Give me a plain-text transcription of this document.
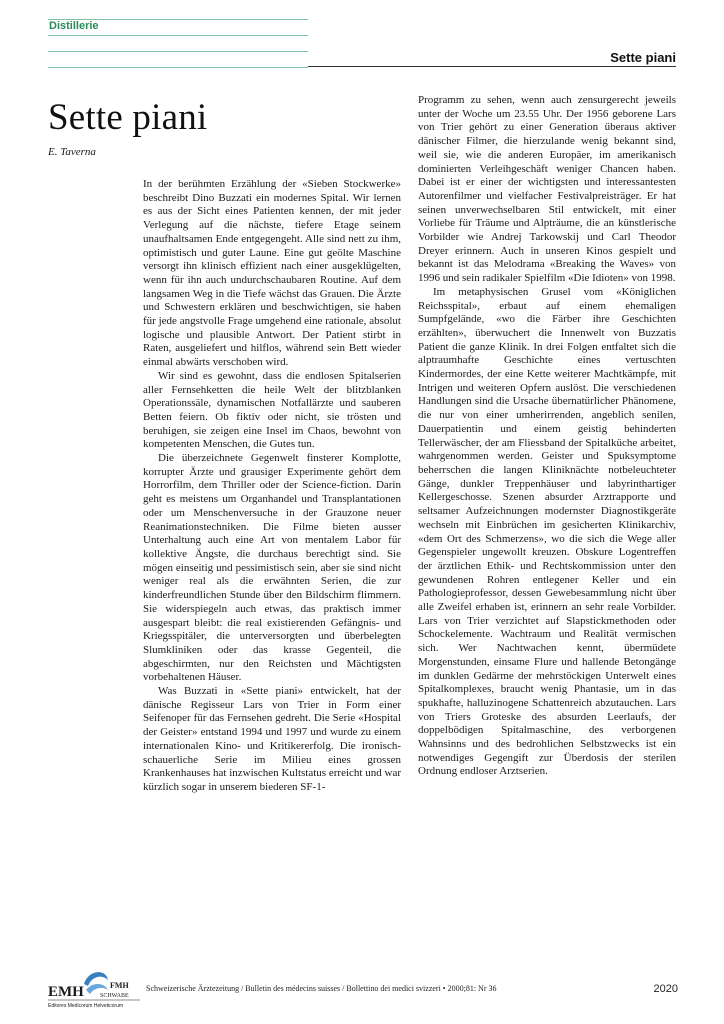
Distillerie
Sette piani
Sette piani
E. Taverna

In der berühmten Erzählung der «Sieben Stockwerke» beschreibt Dino Buzzati ein modernes Spital. Wir lernen es aus der Sicht eines Patienten kennen, der mit jeder Verlegung auf die nächste, tiefere Etage seinem unaufhaltsamen Ende entgegengeht. Alle sind nett zu ihm, optimistisch und guter Laune. Eine gut geölte Maschine versorgt ihn klinisch effizient nach einer ausgeklügelten, wenn für ihn auch undurchschaubaren Routine. Auf dem langsamen Weg in die Tiefe wächst das Grauen. Die Ärzte und Schwestern erklären und beschwichtigen, sie haben für jede angstvolle Frage umgehend eine rationale, absolut logische und plausible Antwort. Der Patient stirbt in Raten, ausgeliefert und hilflos, während sein Bett wieder einmal abwärts verschoben wird.

Wir sind es gewohnt, dass die endlosen Spitalserien aller Fernsehketten die heile Welt der blitzblanken Operationssäle, dynamischen Notfallärzte und sauberen Betten feiern. Ob fiktiv oder nicht, sie trösten und beruhigen, sie zeigen eine Insel im Chaos, bewohnt von kompetenten Menschen, die Gutes tun.

Die überzeichnete Gegenwelt finsterer Komplotte, korrupter Ärzte und grausiger Experimente gehört dem Horrorfilm, dem Thriller oder der Science-fiction. Darin geht es meistens um Organhandel und Transplantationen oder um Menschenversuche in der Grauzone neuer Reanimationstechniken. Die Filme bieten ausser Unterhaltung auch eine Art von mentalem Labor für kollektive Ängste, die durchaus berechtigt sind. Sie mögen einseitig und pessimistisch sein, aber sie sind nicht weniger real als die erwähnten Serien, die zur kinderfreundlichen Stunde über den Bildschirm flimmern. Sie widerspiegeln auch etwas, das praktisch immer ausgespart bleibt: die real existierenden Gefängnis- und Kriegsspitäler, die unterversorgten und überbelegten Slumkliniken oder das krasse Gegenteil, die abgeschirmten, nur den Reichsten und Mächtigsten vorbehaltenen Häuser.

Was Buzzati in «Sette piani» entwickelt, hat der dänische Regisseur Lars von Trier in Form einer Seifenoper für das Fernsehen gedreht. Die Serie «Hospital der Geister» entstand 1994 und 1997 und wurde zu einem internationalen Kino- und Kritikererfolg. Die ironisch-schauerliche Serie im Milieu eines grossen Krankenhauses hat inzwischen Kultstatus erreicht und war kürzlich sogar in unserem biederen SF-1-

Programm zu sehen, wenn auch zensurgerecht jeweils unter der Woche um 23.55 Uhr. Der 1956 geborene Lars von Trier gehört zu einer Generation überaus aktiver dänischer Filmer, die hierzulande wenig bekannt sind, weil sie, wie die anderen Europäer, im amerikanisch dominierten Verleihgeschäft weniger Chancen haben. Dabei ist er einer der wichtigsten und interessantesten Autorenfilmer und vielfacher Festivalpreisträger. Er hat seinen unverwechselbaren Stil entwickelt, mit einer Vorliebe für Träume und Alpträume, die an künstlerische Vorbilder wie Andrej Tarkowskij und Carl Theodor Dreyer erinnern. Auch in unseren Kinos gespielt und bekannt ist das Melodrama «Breaking the Waves» von 1996 und sein radikaler Spielfilm «Die Idioten» von 1998.

Im metaphysischen Grusel vom «Königlichen Reichsspital», erbaut auf einem ehemaligen Sumpfgelände, «wo die Färber ihre Geschichten erzählten», überwuchert die Innenwelt von Buzzatis Patient die ganze Klinik. In drei Folgen entfaltet sich die alptraumhafte Geschichte eines vertuschten Kindermordes, der eine Kette weiterer Machtkämpfe, mit Intrigen und weiteren Opfern auslöst. Die verschiedenen Handlungen sind die Ursache übernatürlicher Phänomene, die nur von einer umherirrenden, angeblich senilen, Dauerpatientin und einem geistig behinderten Tellerwäscher, der am Fliessband der Spitalküche arbeitet, wahrgenommen werden. Geister und Spuksymptome beherrschen die langen Kliniknächte notbeleuchteter Gänge, dunkler Treppenhäuser und labyrinthartiger Kellergeschosse. Szenen absurder Arztrapporte und seltsamer Aufzeichnungen modernster Diagnostikgeräte wechseln mit Einbrüchen im gesicherten Klinikarchiv, «dem Ort des Schmerzens», wo die sich die Wege aller Gegenspieler ungewollt kreuzen. Obskure Logentreffen der ärztlichen Ethik- und Rechtskommission unter den gewundenen Rohren entlegener Keller und ein Pathologieprofessor, dessen Gewebesammlung nicht über alle Zweifel erhaben ist, erinnern an sehr reale Vorbilder. Lars von Trier verzichtet auf Slapstickmethoden oder Schockelemente. Wachtraum und Realität vermischen sich. Wer Nachtwachen kennt, übermüdete Morgenstunden, einsame Flure und hallende Betongänge im dunklen Gedärme der mehrstöckigen Unterwelt eines Spitalkomplexes, braucht wenig Phantasie, um in das spukhafte, halluzinogene Schattenreich abzutauchen. Lars von Triers Groteske des absurden Leerlaufs, der doppelbödigen Spitalmaschine, des verborgenen Wahnsinns und des bedrohlichen Selbstzwecks ist ein notwendiges Gegengift zur Überdosis der sterilen Ordnung endloser Arztserien.

EMH	FMH
SCHWABE
Editores Medicorum Helveticorum
Schweizerische Ärztezeitung / Bulletin des médecins suisses / Bollettino dei medici svizzeri • 2000;81: Nr 36	2020
